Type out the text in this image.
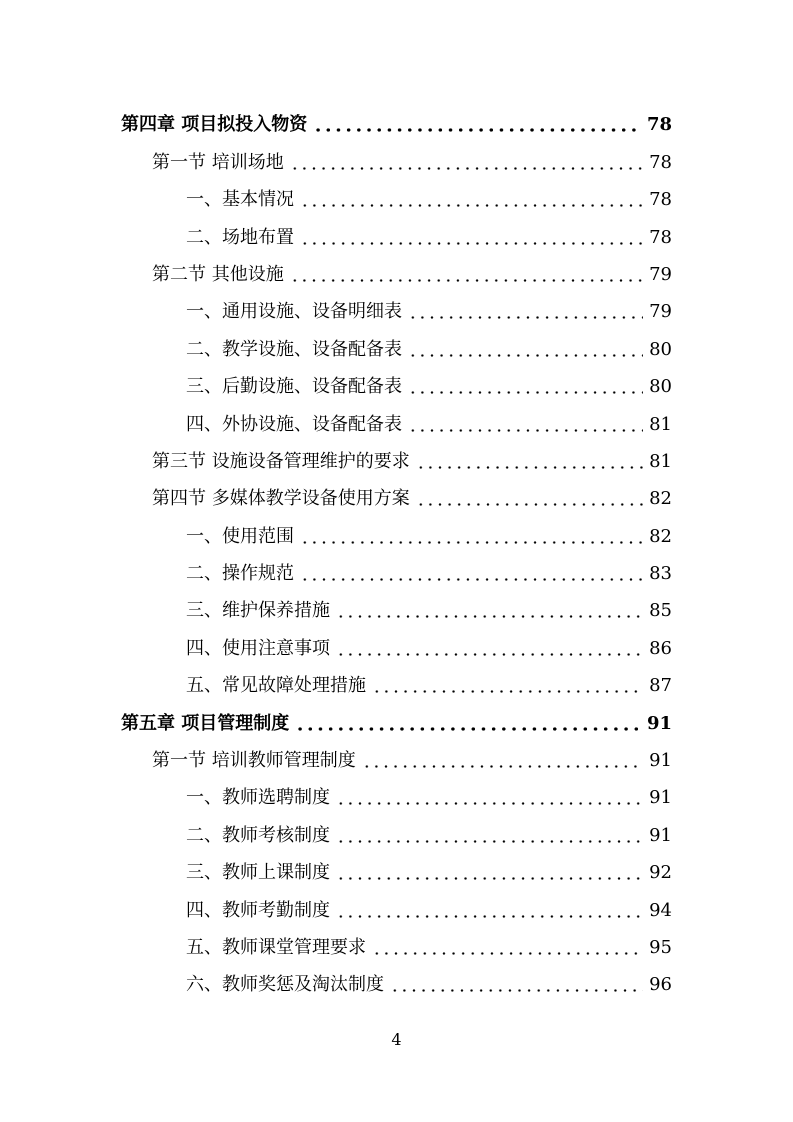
第四章 项目拟投入物资	78
第一节 培训场地	78
一、基本情况	78
二、场地布置	78
第二节 其他设施	79
一、通用设施、设备明细表	79
二、教学设施、设备配备表	80
三、后勤设施、设备配备表	80
四、外协设施、设备配备表	81
第三节 设施设备管理维护的要求	81
第四节 多媒体教学设备使用方案	82
一、使用范围	82
二、操作规范	83
三、维护保养措施	85
四、使用注意事项	86
五、常见故障处理措施	87
第五章 项目管理制度	91
第一节 培训教师管理制度	91
一、教师选聘制度	91
二、教师考核制度	91
三、教师上课制度	92
四、教师考勤制度	94
五、教师课堂管理要求	95
六、教师奖惩及淘汰制度	96
4
